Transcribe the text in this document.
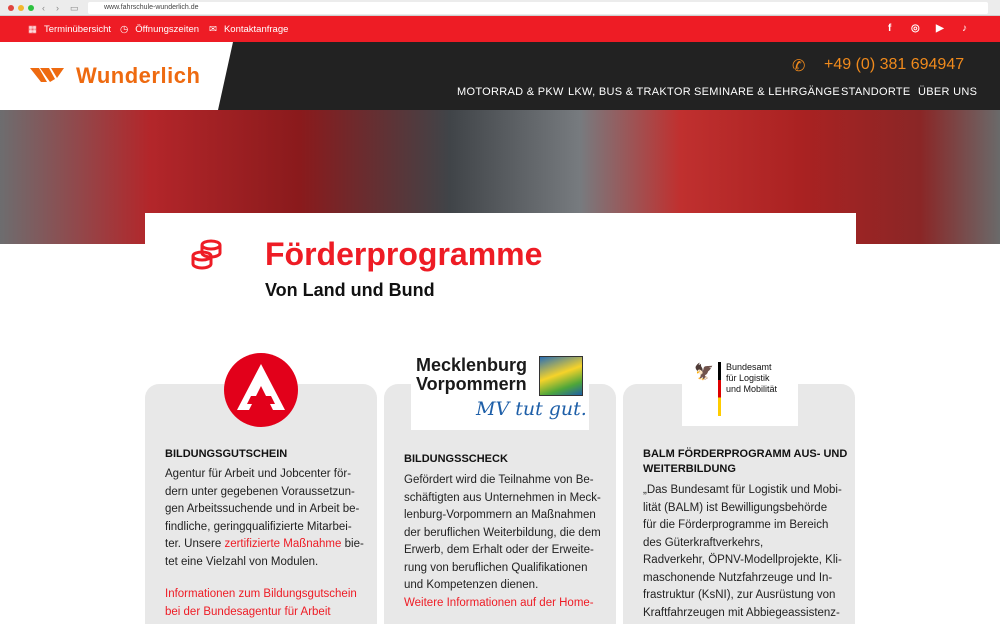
‹ › ▭	www.fahrschule-wunderlich.de
▦ Terminübersicht ◷ Öffnungszeiten ✉ Kontaktanfrage	f ◎ ▶ ♪
Wunderlich	✆ +49 (0) 381 694947
MOTORRAD & PKW LKW, BUS & TRAKTOR SEMINARE & LEHRGÄNGE STANDORTE ÜBER UNS
Förderprogramme
Von Land und Bund
BILDUNGSGUTSCHEIN
Agentur für Arbeit und Jobcenter för-
dern unter gegebenen Voraussetzun-
gen Arbeitssuchende und in Arbeit be-
findliche, geringqualifizierte Mitarbei-
ter. Unsere zertifizierte Maßnahme bie-
tet eine Vielzahl von Modulen.
Informationen zum Bildungsgutschein
bei der Bundesagentur für Arbeit
Mecklenburg
Vorpommern
MV tut gut.
BILDUNGSSCHECK
Gefördert wird die Teilnahme von Be-
schäftigten aus Unternehmen in Meck-
lenburg-Vorpommern an Maßnahmen
der beruflichen Weiterbildung, die dem
Erwerb, dem Erhalt oder der Erweite-
rung von beruflichen Qualifikationen
und Kompetenzen dienen.
Weitere Informationen auf der Home-
🦅 Bundesamt
für Logistik
und Mobilität
BALM FÖRDERPROGRAMM AUS- UND
WEITERBILDUNG
„Das Bundesamt für Logistik und Mobi-
lität (BALM) ist Bewilligungsbehörde
für die Förderprogramme im Bereich
des Güterkraftverkehrs,
Radverkehr, ÖPNV-Modellprojekte, Kli-
maschonende Nutzfahrzeuge und In-
frastruktur (KsNI), zur Ausrüstung von
Kraftfahrzeugen mit Abbiegeassistenz-
